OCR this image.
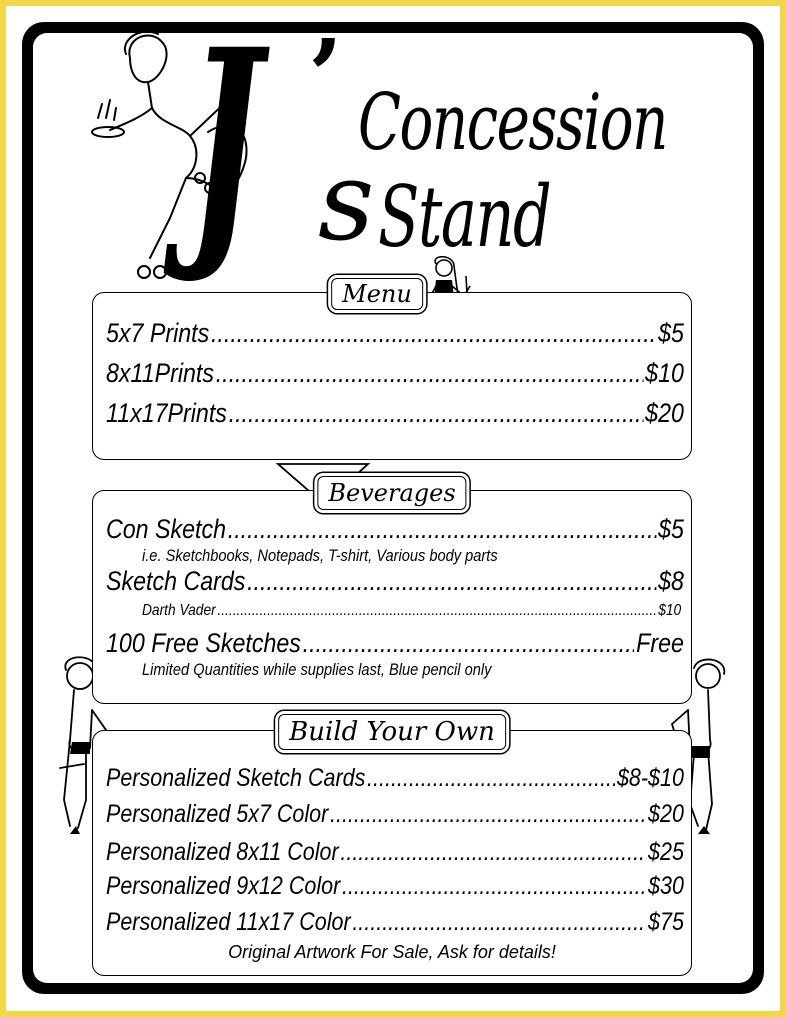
J ’
s
Concession
Stand
Menu
5x7 Prints .....	$5
8x11Prints .....	$10
11x17Prints .....	$20
Beverages
Con Sketch .....	$5
i.e. Sketchbooks, Notepads, T-shirt, Various body parts
Sketch Cards .....	$8
Darth Vader .....	$10
100 Free Sketches .....	Free
Limited Quantities while supplies last, Blue pencil only
Build Your Own
Personalized Sketch Cards .....	$8-$10
Personalized 5x7 Color .....	$20
Personalized 8x11 Color .....	$25
Personalized 9x12 Color .....	$30
Personalized 11x17 Color .....	$75
Original Artwork For Sale, Ask for details!
